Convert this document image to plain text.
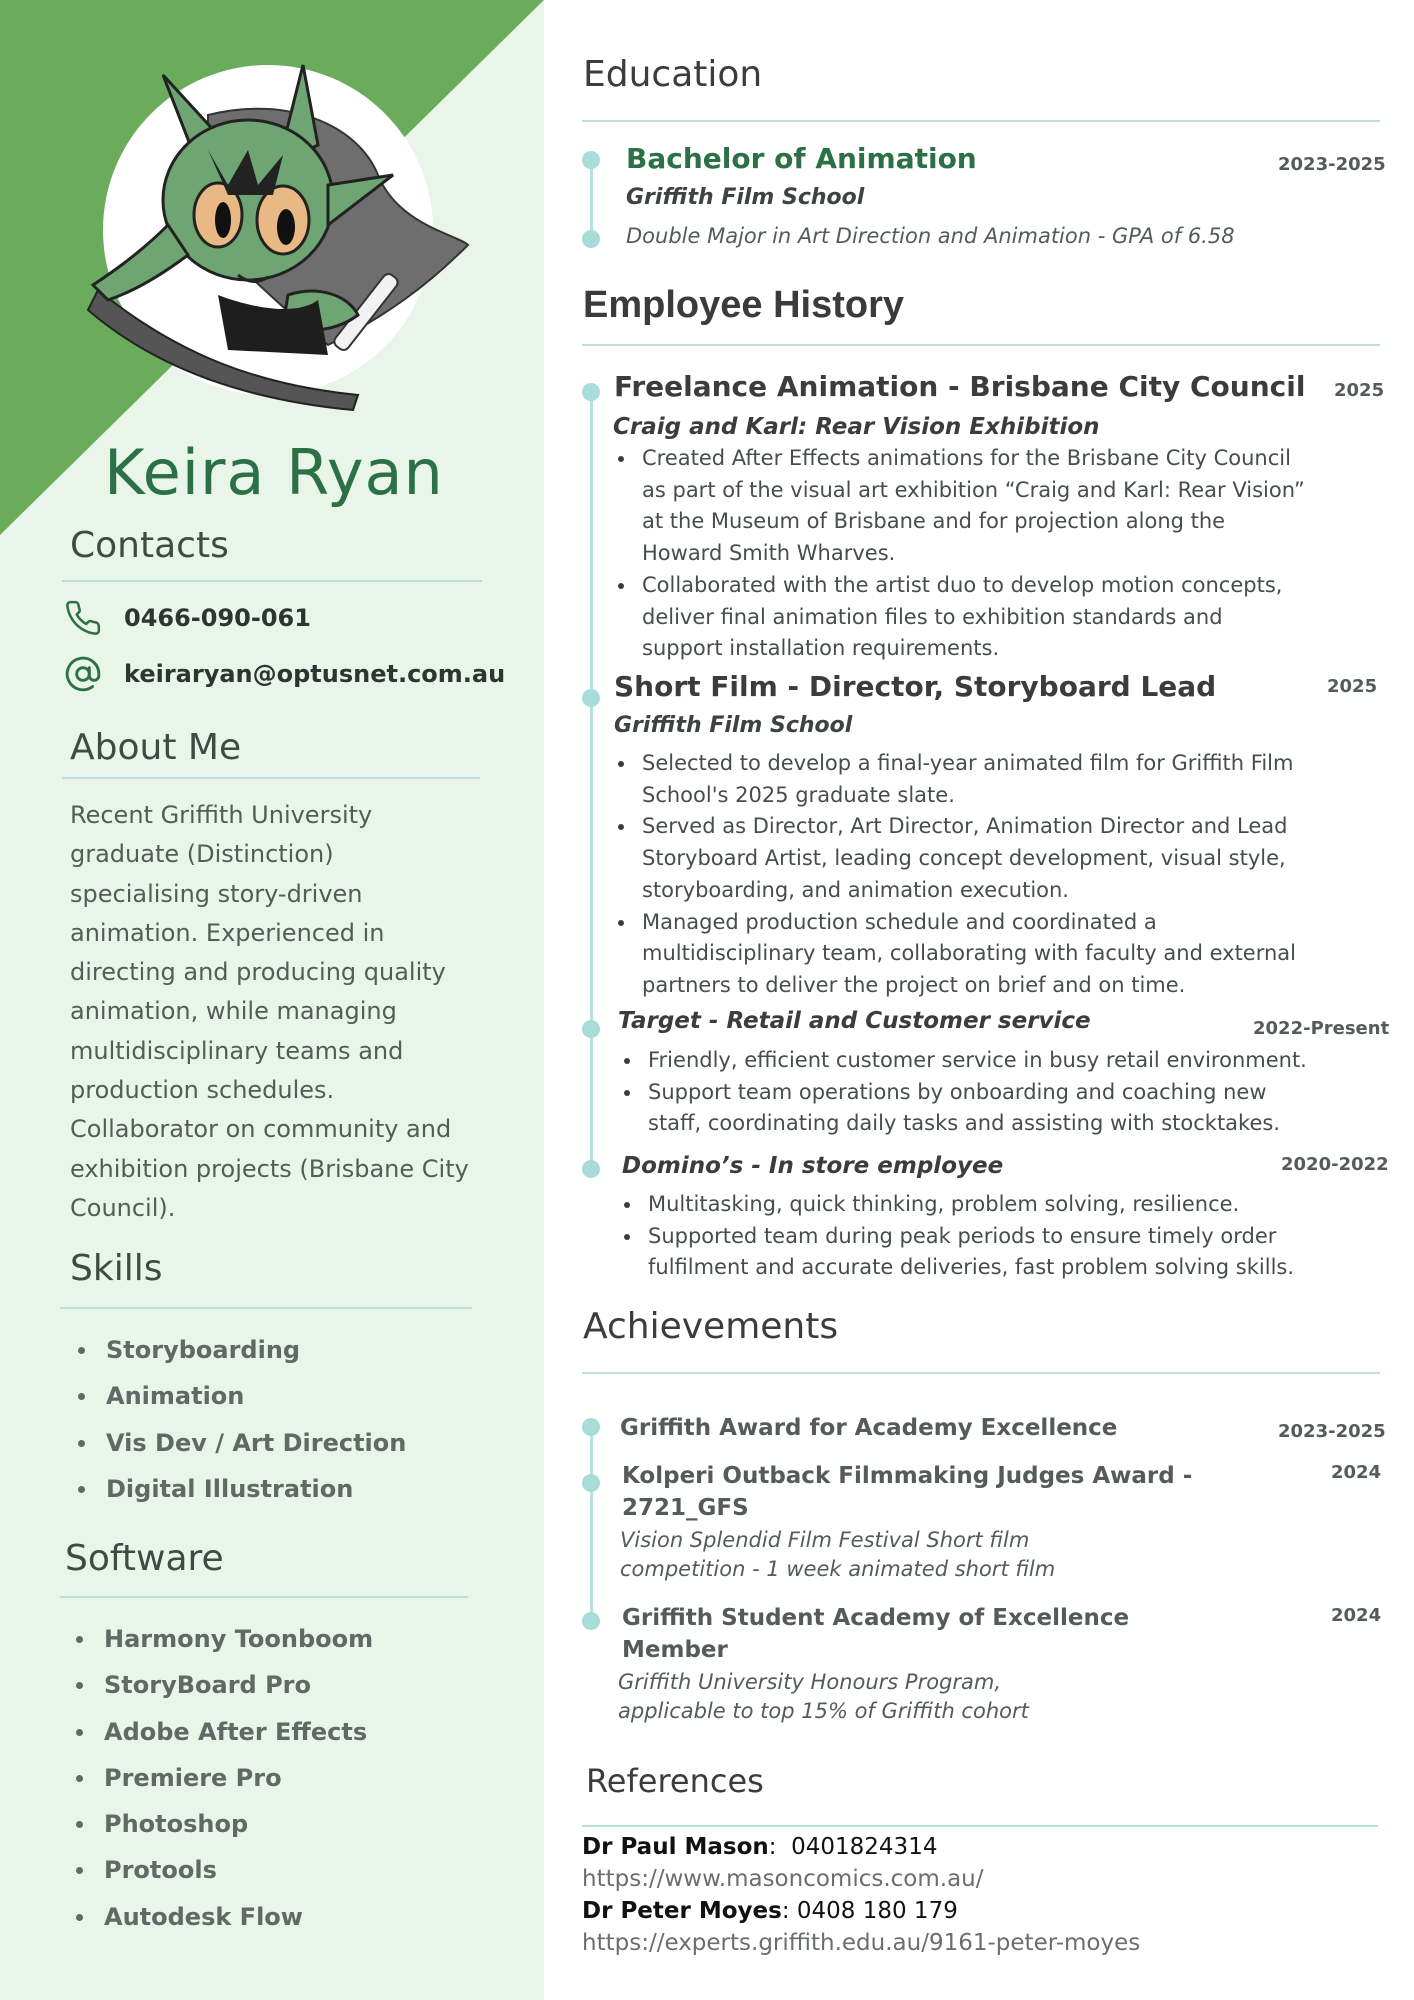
Keira Ryan
Contacts
0466-090-061
keiraryan@optusnet.com.au
About Me
Recent Griffith University
graduate (Distinction)
specialising story-driven
animation. Experienced in
directing and producing quality
animation, while managing
multidisciplinary teams and
production schedules.
Collaborator on community and
exhibition projects (Brisbane City
Council).
Skills
Storyboarding
Animation
Vis Dev / Art Direction
Digital Illustration
Software
Harmony Toonboom
StoryBoard Pro
Adobe After Effects
Premiere Pro
Photoshop
Protools
Autodesk Flow
Education
Bachelor of Animation	2023-2025
Griffith Film School
Double Major in Art Direction and Animation - GPA of 6.58
Employee History
Freelance Animation - Brisbane City Council 2025
Craig and Karl: Rear Vision Exhibition
Created After Effects animations for the Brisbane City Council
as part of the visual art exhibition “Craig and Karl: Rear Vision”
at the Museum of Brisbane and for projection along the
Howard Smith Wharves.
Collaborated with the artist duo to develop motion concepts,
deliver final animation files to exhibition standards and
support installation requirements.
Short Film - Director, Storyboard Lead	2025
Griffith Film School
Selected to develop a final-year animated film for Griffith Film
School's 2025 graduate slate.
Served as Director, Art Director, Animation Director and Lead
Storyboard Artist, leading concept development, visual style,
storyboarding, and animation execution.
Managed production schedule and coordinated a
multidisciplinary team, collaborating with faculty and external
partners to deliver the project on brief and on time.
Target - Retail and Customer service	2022-Present
Friendly, efficient customer service in busy retail environment.
Support team operations by onboarding and coaching new
staff, coordinating daily tasks and assisting with stocktakes.
Domino’s - In store employee	2020-2022
Multitasking, quick thinking, problem solving, resilience.
Supported team during peak periods to ensure timely order
fulfilment and accurate deliveries, fast problem solving skills.
Achievements
Griffith Award for Academy Excellence	2023-2025
Kolperi Outback Filmmaking Judges Award -
2721_GFS
2024
Vision Splendid Film Festival Short film
competition - 1 week animated short film
Griffith Student Academy of Excellence
Member
2024
Griffith University Honours Program,
applicable to top 15% of Griffith cohort
References
Dr Paul Mason:  0401824314
https://www.masoncomics.com.au/
Dr Peter Moyes: 0408 180 179
https://experts.griffith.edu.au/9161-peter-moyes
